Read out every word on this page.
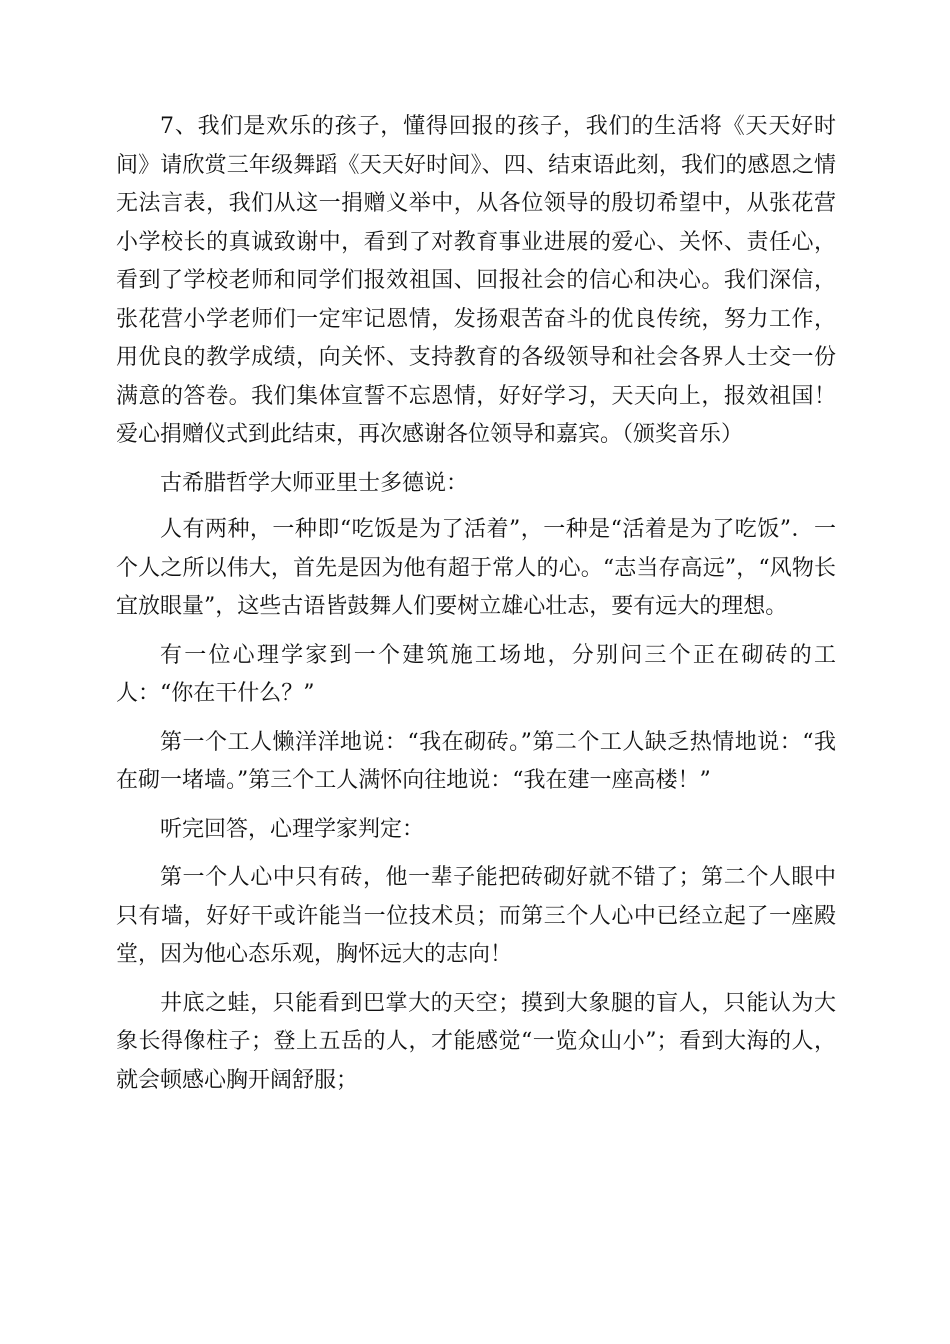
7、我们是欢乐的孩子，懂得回报的孩子，我们的生活将《天天好时间》请欣赏三年级舞蹈《天天好时间》、四、结束语此刻，我们的感恩之情无法言表，我们从这一捐赠义举中，从各位领导的殷切希望中，从张花营小学校长的真诚致谢中，看到了对教育事业进展的爱心、关怀、责任心，看到了学校老师和同学们报效祖国、回报社会的信心和决心。我们深信，张花营小学老师们一定牢记恩情，发扬艰苦奋斗的优良传统，努力工作，用优良的教学成绩，向关怀、支持教育的各级领导和社会各界人士交一份满意的答卷。我们集体宣誓不忘恩情，好好学习，天天向上，报效祖国！爱心捐赠仪式到此结束，再次感谢各位领导和嘉宾。（颁奖音乐）

古希腊哲学大师亚里士多德说：

人有两种，一种即“吃饭是为了活着”，一种是“活着是为了吃饭”．一个人之所以伟大，首先是因为他有超于常人的心。“志当存高远”，“风物长宜放眼量”，这些古语皆鼓舞人们要树立雄心壮志，要有远大的理想。

有一位心理学家到一个建筑施工场地，分别问三个正在砌砖的工人：“你在干什么？”

第一个工人懒洋洋地说：“我在砌砖。”第二个工人缺乏热情地说：“我在砌一堵墙。”第三个工人满怀向往地说：“我在建一座高楼！”

听完回答，心理学家判定：

第一个人心中只有砖，他一辈子能把砖砌好就不错了；第二个人眼中只有墙，好好干或许能当一位技术员；而第三个人心中已经立起了一座殿堂，因为他心态乐观，胸怀远大的志向！

井底之蛙，只能看到巴掌大的天空；摸到大象腿的盲人，只能认为大象长得像柱子；登上五岳的人，才能感觉“一览众山小”；看到大海的人，就会顿感心胸开阔舒服；
